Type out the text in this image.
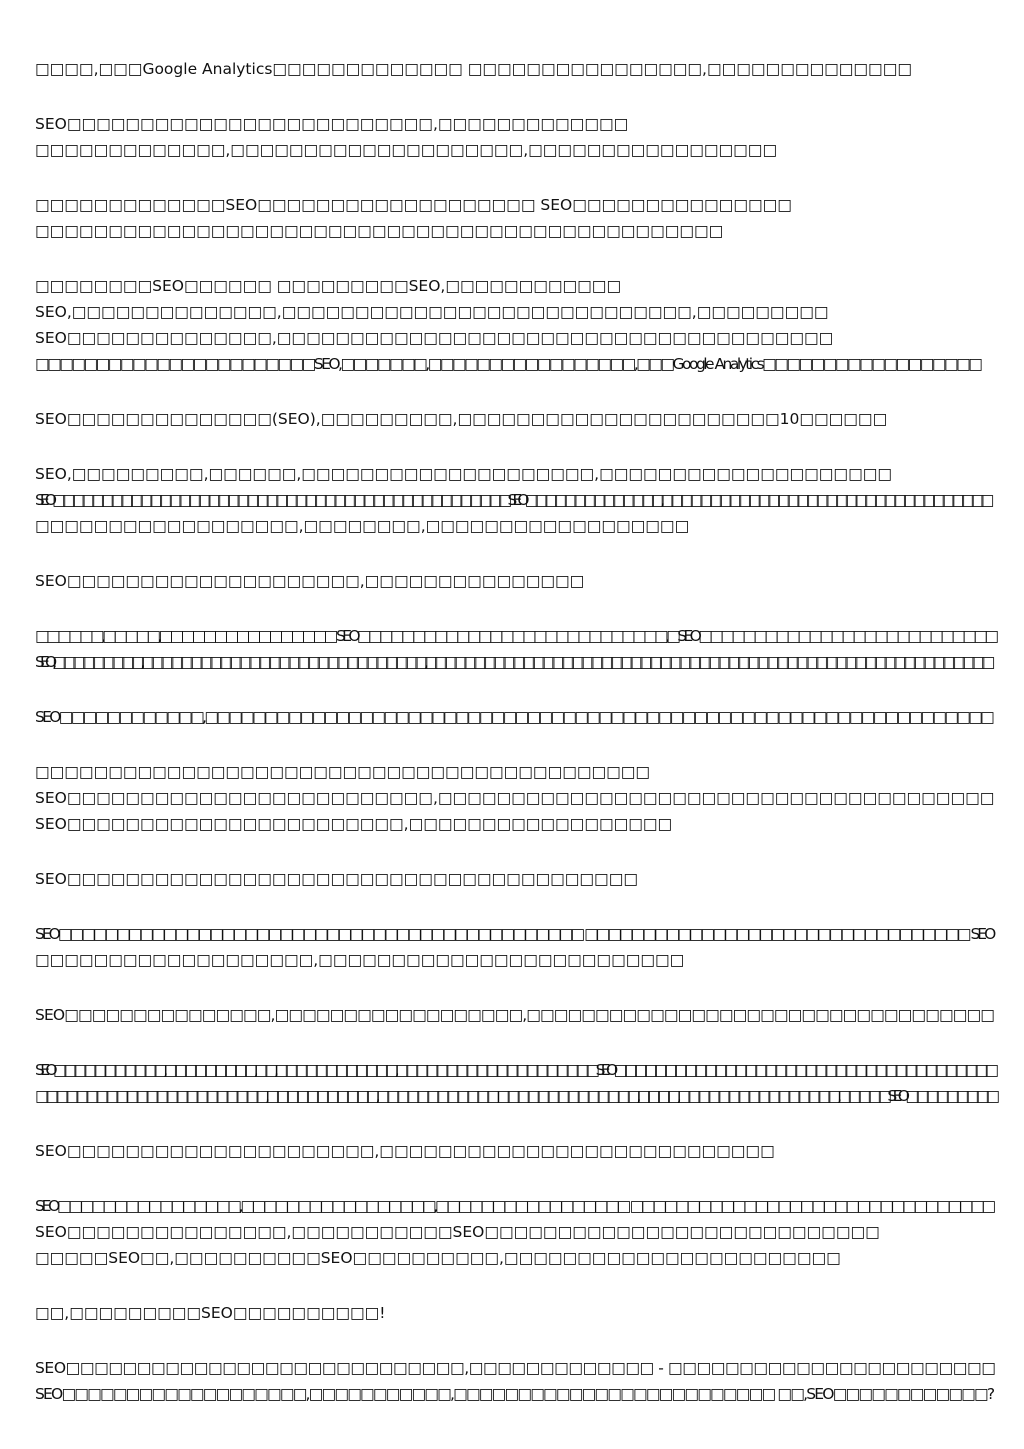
□□□□,□□□Google Analytics□□□□□□□□□□□□□ □□□□□□□□□□□□□□□□,□□□□□□□□□□□□□□
SEO□□□□□□□□□□□□□□□□□□□□□□□□□,□□□□□□□□□□□□□
□□□□□□□□□□□□□,□□□□□□□□□□□□□□□□□□□□,□□□□□□□□□□□□□□□□□
□□□□□□□□□□□□□SEO□□□□□□□□□□□□□□□□□□□ SEO□□□□□□□□□□□□□□□
□□□□□□□□□□□□□□□□□□□□□□□□□□□□□□□□□□□□□□□□□□□□□□□
□□□□□□□□SEO□□□□□□ □□□□□□□□□SEO,□□□□□□□□□□□□
SEO,□□□□□□□□□□□□□□,□□□□□□□□□□□□□□□□□□□□□□□□□□□□,□□□□□□□□□
SEO□□□□□□□□□□□□□□,□□□□□□□□□□□□□□□□□□□□□□□□□□□□□□□□□□□□□□
□□□□□□□□□□□□□□□□□□□□□□□SEO,□□□□□□□,□□□□□□□□□□□□□□□□□,□□□Google Analytics□□□□□□□□□□□□□□□□□□
SEO□□□□□□□□□□□□□□(SEO),□□□□□□□□□,□□□□□□□□□□□□□□□□□□□□□□10□□□□□□
SEO,□□□□□□□□□,□□□□□□,□□□□□□□□□□□□□□□□□□□□,□□□□□□□□□□□□□□□□□□□□
SEO□□□□□□□□□□□□□□□□□□□□□□□□□□□□□□□□□□□□□□□□□□□□□□□ SEO□□□□□□□□□□□□□□,□□□□□□□□□□□□□□□□□□□□□□□□□□□□□□□□□□
□□□□□□□□□□□□□□□□□□,□□□□□□□□,□□□□□□□□□□□□□□□□□□
SEO□□□□□□□□□□□□□□□□□□□□,□□□□□□□□□□□□□□□
□□□□□□,□□□□□,□□□□□□□□□□□□□□□□ SEO□□□□□□□□□□□□□□□□□□□□□□□□□□□□,□SEO□□□□□□□□□□□□□□□□□□□□□□□□□□□
SEO,□□□□□□□□□,□□□□□□□□□□□□□□□□□□□□□□□□□□□□□,□□□□□□□□□□□□□□□□□□□□□ □□□□□□□□□□□□□□□□□□□□□□□□□□□□□□□□□□□□□
SEO□□□□□□□□□□□□,□□□□□□□□□□□□□□□□□□□□□□□□□□□□□□□□□□□□□□□□□□□□□□□□□□□□□□□□□□□□□□□□□□
□□□□□□□□□□□□□□□□□□□□□□□□□□□□□□□□□□□□□□□□□□
SEO□□□□□□□□□□□□□□□□□□□□□□□□□,□□□□□□□□□□□□□□□□□□□□□□□□□□□□□□□□□□□□□□
SEO□□□□□□□□□□□□□□□□□□□□□□□,□□□□□□□□□□□□□□□□□□
SEO□□□□□□□□□□□□□□□□□□□□□□□□□□□□□□□□□□□□□□□
SEO□□□□□□□□□□□□□□□□□□□□□□□□□□□□□□□□□□□□□□□□□□□□□ □□□□□□□□□□□□□□□□□□□□□□□□□□□□□□□□□ SEO
□□□□□□□□□□□□□□□□□□□,□□□□□□□□□□□□□□□□□□□□□□□□□
SEO□□□□□□□□□□□□□□□,□□□□□□□□□□□□□□□□□□,□□□□□□□□□□□□□□□□□□□□□□□□□□□□□□□□□□
SEO□□□□□□□□□□□,□□□□□□□□□,□□,□□□□□□□□□□□□,□□□□□□□□□□□□□□□□□□□□ SEO□□□□□□□□□□□□□□□□□□□□□□□□□□□□□□□□□□□□□□
□□□□□□□□□□□□□□□□□□□□□□□,□□□□□□□□□□□,□□□□□□□□□□□□ □□□□□□□□□□□□□□,□□□□,□□□□□□□□□□□□□□□□,□□□□□SEO□□□□□□□□□
SEO□□□□□□□□□□□□□□□□□□□□□,□□□□□□□□□□□□□□□□□□□□□□□□□□□
SEO□□□□□□□□□□□□□□□□,□□□□□□□□□□□□□□□□□,□□□□□□□□□□□□□□□□□ □□□□□□□□□□□□□□□□□□□□□□□□□□□□□□□□
SEO□□□□□□□□□□□□□□□,□□□□□□□□□□□SEO□□□□□□□□□□□□□□□□□□□□□□□□□□□
□□□□□SEO□□,□□□□□□□□□□SEO□□□□□□□□□□,□□□□□□□□□□□□□□□□□□□□□□□
□□,□□□□□□□□□SEO□□□□□□□□□□!
SEO□□□□□□□□□□□□□□□□□□□□□□□□□□□□,□□□□□□□□□□□□□ - □□□□□□□□□□□□□□□□□□□□□□□
SEO□□□□□□□□□□□□□□□□□□□,□□□□□□□□□□□,□□□□□□□□□□□□□□□□□□□□□□□□□ □□,SEO□□□□□□□□□□□□?
